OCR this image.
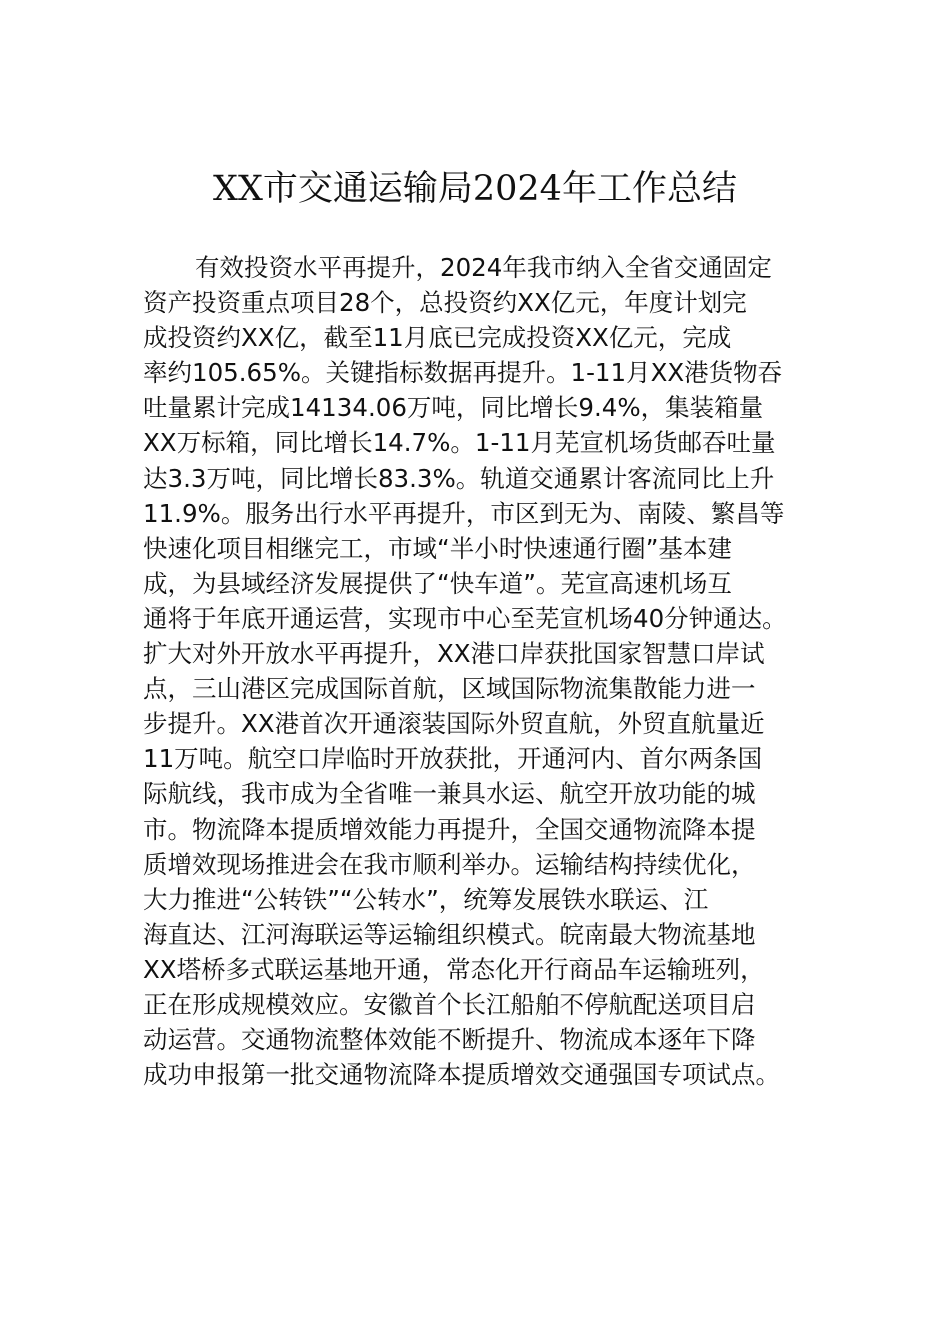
XX市交通运输局2024年工作总结
有效投资水平再提升，2024年我市纳入全省交通固定
资产投资重点项目28个，总投资约XX亿元，年度计划完
成投资约XX亿，截至11月底已完成投资XX亿元，完成
率约105.65%。关键指标数据再提升。1-11月XX港货物吞
吐量累计完成14134.06万吨，同比增长9.4%，集装箱量
XX万标箱，同比增长14.7%。1-11月芜宣机场货邮吞吐量
达3.3万吨，同比增长83.3%。轨道交通累计客流同比上升
11.9%。服务出行水平再提升，市区到无为、南陵、繁昌等
快速化项目相继完工，市域“半小时快速通行圈”基本建
成，为县域经济发展提供了“快车道”。芜宣高速机场互
通将于年底开通运营，实现市中心至芜宣机场40分钟通达。
扩大对外开放水平再提升，XX港口岸获批国家智慧口岸试
点，三山港区完成国际首航，区域国际物流集散能力进一
步提升。XX港首次开通滚装国际外贸直航，外贸直航量近
11万吨。航空口岸临时开放获批，开通河内、首尔两条国
际航线，我市成为全省唯一兼具水运、航空开放功能的城
市。物流降本提质增效能力再提升，全国交通物流降本提
质增效现场推进会在我市顺利举办。运输结构持续优化，
大力推进“公转铁”“公转水”，统筹发展铁水联运、江
海直达、江河海联运等运输组织模式。皖南最大物流基地
XX塔桥多式联运基地开通，常态化开行商品车运输班列，
正在形成规模效应。安徽首个长江船舶不停航配送项目启
动运营。交通物流整体效能不断提升、物流成本逐年下降
成功申报第一批交通物流降本提质增效交通强国专项试点。
